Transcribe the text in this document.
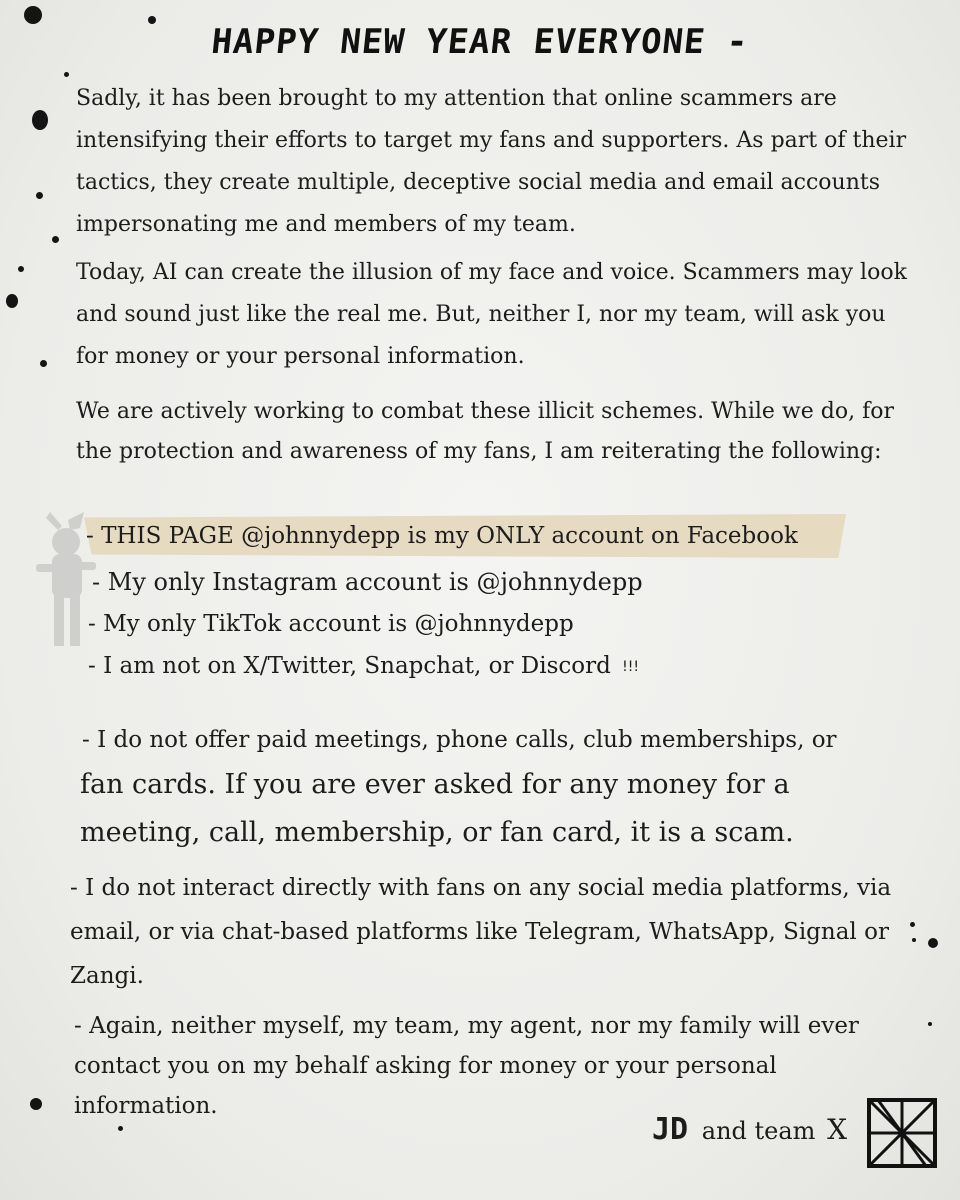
HAPPY NEW YEAR EVERYONE -

Sadly, it has been brought to my attention that online scammers are intensifying their efforts to target my fans and supporters. As part of their tactics, they create multiple, deceptive social media and email accounts impersonating me and members of my team.

Today, AI can create the illusion of my face and voice. Scammers may look and sound just like the real me. But, neither I, nor my team, will ask you for money or your personal information.

We are actively working to combat these illicit schemes. While we do, for the protection and awareness of my fans, I am reiterating the following:

- THIS PAGE @johnnydepp is my ONLY account on Facebook
- My only Instagram account is @johnnydepp
- My only TikTok account is @johnnydepp
- I am not on X/Twitter, Snapchat, or Discord !!!
- I do not offer paid meetings, phone calls, club memberships, or
fan cards. If you are ever asked for any money for a
meeting, call, membership, or fan card, it is a scam.

- I do not interact directly with fans on any social media platforms, via email, or via chat-based platforms like Telegram, WhatsApp, Signal or Zangi.

- Again, neither myself, my team, my agent, nor my family will ever contact you on my behalf asking for money or your personal information.

JD and team X
